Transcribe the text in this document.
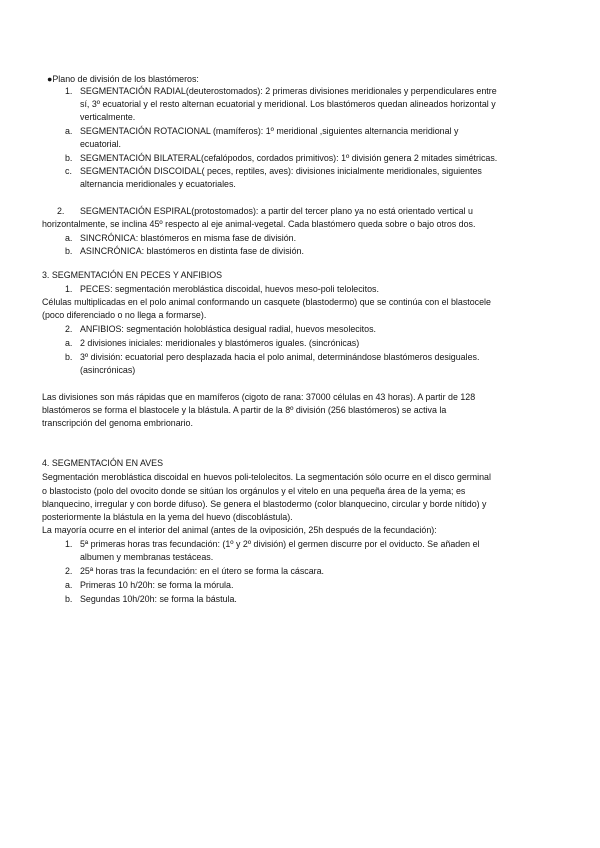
●Plano de división de los blastómeros:
1. SEGMENTACIÓN RADIAL(deuterostomados): 2 primeras divisiones meridionales y perpendiculares entre
sí, 3º ecuatorial y el resto alternan ecuatorial y meridional. Los blastómeros quedan alineados horizontal y
verticalmente.
a. SEGMENTACIÓN ROTACIONAL (mamíferos): 1º meridional ,siguientes alternancia meridional y
ecuatorial.
b. SEGMENTACIÓN BILATERAL(cefalópodos, cordados primitivos): 1º división genera 2 mitades simétricas.
c. SEGMENTACIÓN DISCOIDAL( peces, reptiles, aves): divisiones inicialmente meridionales, siguientes
alternancia meridionales y ecuatoriales.
2. SEGMENTACIÓN ESPIRAL(protostomados): a partir del tercer plano ya no está orientado vertical u
horizontalmente, se inclina 45º respecto al eje animal-vegetal. Cada blastómero queda sobre o bajo otros dos.
a. SINCRÓNICA: blastómeros en misma fase de división.
b. ASINCRÓNICA: blastómeros en distinta fase de división.
3. SEGMENTACIÓN EN PECES Y ANFIBIOS
1. PECES: segmentación meroblástica discoidal, huevos meso-poli telolecitos.
Células multiplicadas en el polo animal conformando un casquete (blastodermo) que se continúa con el blastocele
(poco diferenciado o no llega a formarse).
2. ANFIBIOS: segmentación holoblástica desigual radial, huevos mesolecitos.
a. 2 divisiones iniciales: meridionales y blastómeros iguales. (sincrónicas)
b. 3º división: ecuatorial pero desplazada hacia el polo animal, determinándose blastómeros desiguales.
(asincrónicas)
Las divisiones son más rápidas que en mamíferos (cigoto de rana: 37000 células en 43 horas). A partir de 128
blastómeros se forma el blastocele y la blástula. A partir de la 8º división (256 blastómeros) se activa la
transcripción del genoma embrionario.
4. SEGMENTACIÓN EN AVES
Segmentación meroblástica discoidal en huevos poli-telolecitos. La segmentación sólo ocurre en el disco germinal
o blastocisto (polo del ovocito donde se sitúan los orgánulos y el vitelo en una pequeña área de la yema; es
blanquecino, irregular y con borde difuso). Se genera el blastodermo (color blanquecino, circular y borde nítido) y
posteriormente la blástula en la yema del huevo (discoblástula).
La mayoría ocurre en el interior del animal (antes de la oviposición, 25h después de la fecundación):
1. 5ª primeras horas tras fecundación: (1º y 2º división) el germen discurre por el oviducto. Se añaden el
albumen y membranas testáceas.
2. 25ª horas tras la fecundación: en el útero se forma la cáscara.
a. Primeras 10 h/20h: se forma la mórula.
b. Segundas 10h/20h: se forma la bástula.
